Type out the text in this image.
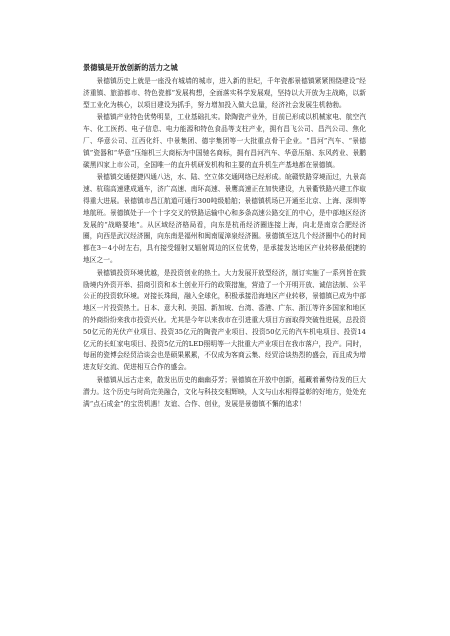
景德镇是开放创新的活力之城

景德镇历史上就是一座没有城墙的城市，进入新的世纪，千年瓷都景德镇紧紧围绕建设“经济重镇、旅游都市、特色瓷都”发展构想，全面落实科学发展观，坚持以大开放为主战略，以新型工业化为核心，以项目建设为抓手，努力增加投入做大总量，经济社会发展生机勃勃。

景德镇产业特色优势明显，工业基础扎实。除陶瓷产业外，目前已形成以机械家电、航空汽车、化工医药、电子信息、电力能源和特色食品等支柱产业，拥有昌飞公司、昌汽公司、焦化厂、华意公司、江西化纤、中景集团、德宇集团等一大批重点骨干企业。“昌河”汽车、“景德镇”瓷器和“华意”压缩机三大商标为中国驰名商标，拥有昌河汽车、华意压缩、东风药业、景鹏碳黑四家上市公司，全国唯一的直升机研发机构和主要的直升机生产基地都在景德镇。

景德镇交通便捷四通八达，水、陆、空立体交通网络已经形成。皖赣铁路穿境而过，九景高速、杭瑞高速建成通车，济广高速、南环高速、景鹰高速正在加快建设，九景衢铁路兴建工作取得重大进展。景德镇市昌江航道可通行300吨级船舶；景德镇机场已开通至北京、上海、深圳等地航班。景德镇处于一个十字交叉的铁路运输中心和多条高速公路交汇的中心，是中部地区经济发展的“战略要地”。从区域经济格局看，向东是杭甬经济圈连接上海，向北是南京合肥经济圈，向西是武汉经济圈，向东南是福州和闽南厦漳泉经济圈。景德镇至这几个经济圈中心的时间都在3－4小时左右，具有接受辐射又辐射周边的区位优势，是承接发达地区产业转移最便捷的地区之一。

景德镇投资环境优越，是投资创业的热土。大力发展开放型经济，制订实施了一系列旨在鼓励境内外资开举、招商引资和本土创业开行的政策措施，营造了一个开明开放、诚信法制、公平公正的投资软环境。对接长珠闽，融入全球化，积极承接沿海地区产业转移，景德镇已成为中部地区一片投资热土。日本、意大利、美国、新加坡、台湾、香港、广东、浙江等许多国家和地区的外商纷纷来我市投资兴业。尤其是今年以来我市在引进重大项目方面取得突破性进展，总投资50亿元的光伏产业项目、投资35亿元的陶瓷产业项目、投资50亿元的汽车机电项目、投资14亿元的长虹家电项目、投资5亿元的LED照明等一大批重大产业项目在我市落户，投产。同时，每届的瓷博会经贸洽谈会也是硕果累累，不仅成为客商云集、经贸洽谈热烈的盛会，而且成为增进友好交流、促进相互合作的盛会。

景德镇从远古走来，散发出历史的幽幽芬芳；景德镇在开放中创新，蕴藏着蓄势待发的巨大潜力。这个历史与时尚完美融合，文化与科技交相辉映，人文与山水相得益彰的好地方，处处充满“点石成金”的宝贵机遇！友谊、合作、创业，发展是景德镇不懈的追求！
